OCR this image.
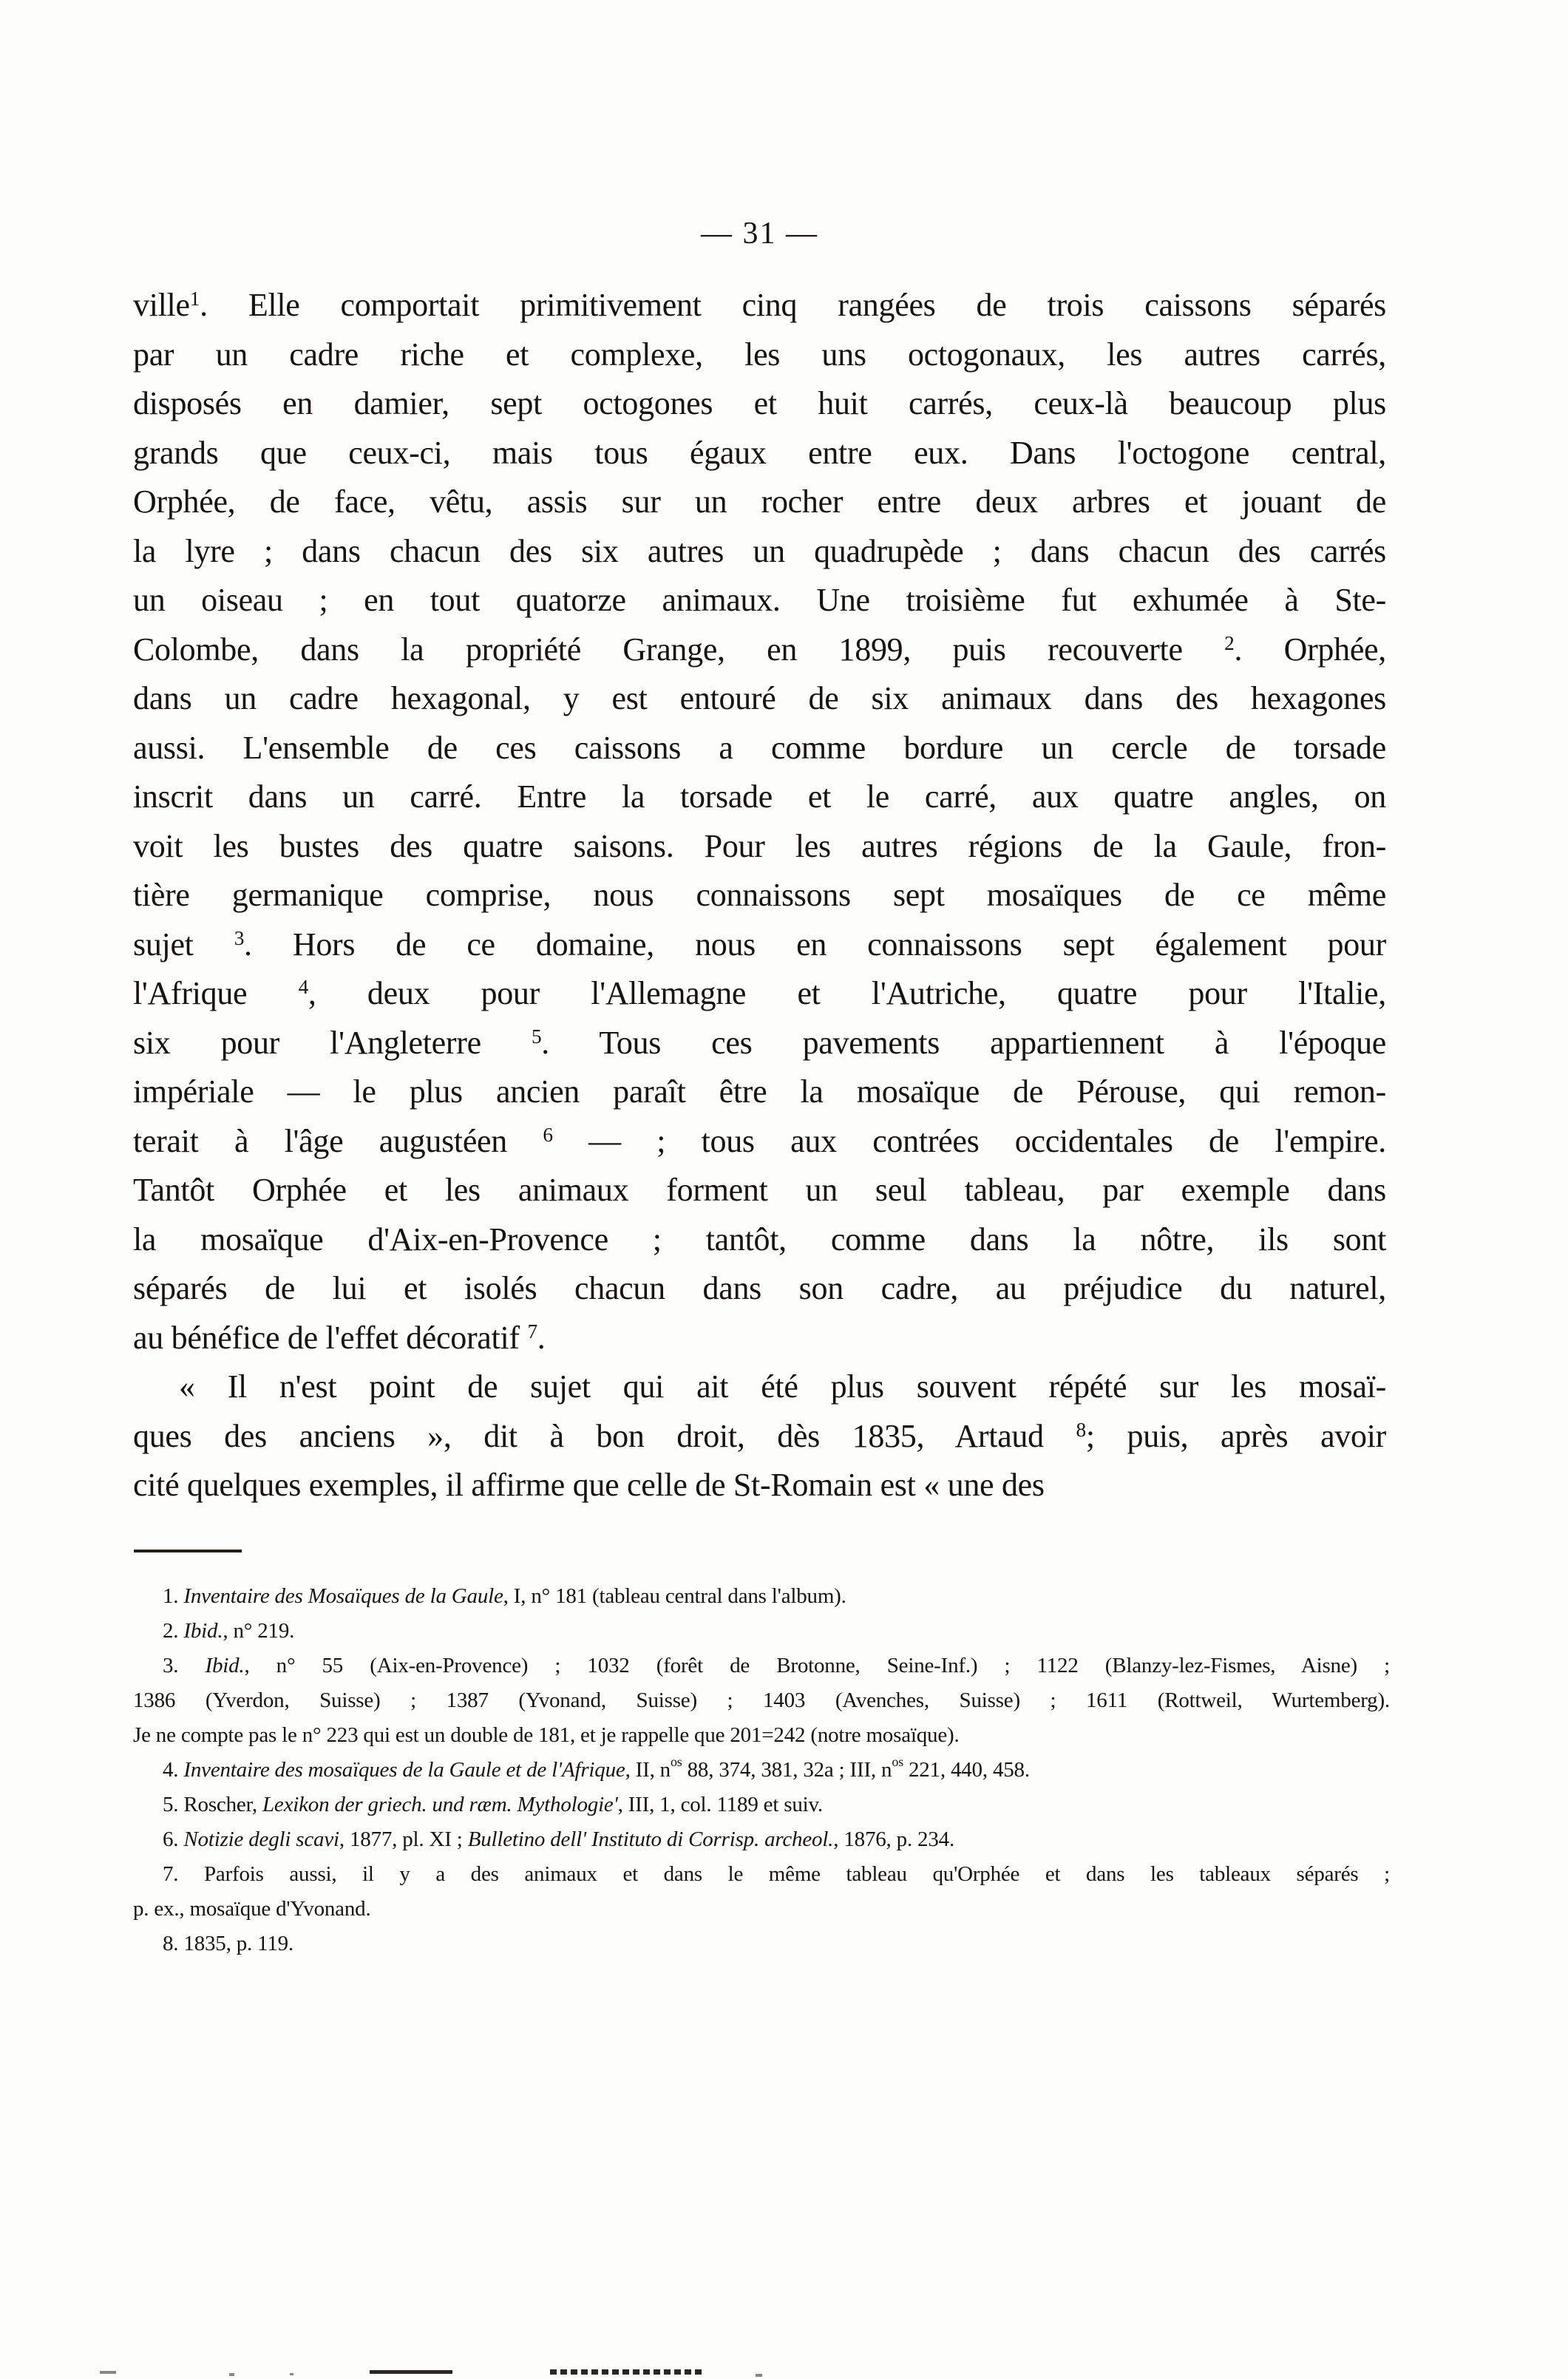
— 31 —
ville$^1$. Elle comportait primitivement cinq rangées de trois caissons séparés
par un cadre riche et complexe, les uns octogonaux, les autres carrés,
disposés en damier, sept octogones et huit carrés, ceux-là beaucoup plus
grands que ceux-ci, mais tous égaux entre eux. Dans l'octogone central,
Orphée, de face, vêtu, assis sur un rocher entre deux arbres et jouant de
la lyre ; dans chacun des six autres un quadrupède ; dans chacun des carrés
un oiseau ; en tout quatorze animaux. Une troisième fut exhumée à Ste-
Colombe, dans la propriété Grange, en 1899, puis recouverte $^2$. Orphée,
dans un cadre hexagonal, y est entouré de six animaux dans des hexagones
aussi. L'ensemble de ces caissons a comme bordure un cercle de torsade
inscrit dans un carré. Entre la torsade et le carré, aux quatre angles, on
voit les bustes des quatre saisons. Pour les autres régions de la Gaule, fron-
tière germanique comprise, nous connaissons sept mosaïques de ce même
sujet $^3$. Hors de ce domaine, nous en connaissons sept également pour
l'Afrique $^4$, deux pour l'Allemagne et l'Autriche, quatre pour l'Italie,
six pour l'Angleterre $^5$. Tous ces pavements appartiennent à l'époque
impériale — le plus ancien paraît être la mosaïque de Pérouse, qui remon-
terait à l'âge augustéen $^6$ — ; tous aux contrées occidentales de l'empire.
Tantôt Orphée et les animaux forment un seul tableau, par exemple dans
la mosaïque d'Aix-en-Provence ; tantôt, comme dans la nôtre, ils sont
séparés de lui et isolés chacun dans son cadre, au préjudice du naturel,
au bénéfice de l'effet décoratif $^7$.
« Il n'est point de sujet qui ait été plus souvent répété sur les mosaï-
ques des anciens », dit à bon droit, dès 1835, Artaud $^8$; puis, après avoir
cité quelques exemples, il affirme que celle de St-Romain est « une des
1. Inventaire des Mosaïques de la Gaule, I, n° 181 (tableau central dans l'album).
2. Ibid., n° 219.
3. Ibid., n° 55 (Aix-en-Provence) ; 1032 (forêt de Brotonne, Seine-Inf.) ; 1122 (Blanzy-lez-Fismes, Aisne) ;
1386 (Yverdon, Suisse) ; 1387 (Yvonand, Suisse) ; 1403 (Avenches, Suisse) ; 1611 (Rottweil, Wurtemberg).
Je ne compte pas le n° 223 qui est un double de 181, et je rappelle que 201=242 (notre mosaïque).
4. Inventaire des mosaïques de la Gaule et de l'Afrique, II, $n^{os}$ 88, 374, 381, 32a ; III, $n^{os}$ 221, 440, 458.
5. Roscher, Lexikon der griech. und ræm. Mythologie', III, 1, col. 1189 et suiv.
6. Notizie degli scavi, 1877, pl. XI ; Bulletino dell' Instituto di Corrisp. archeol., 1876, p. 234.
7. Parfois aussi, il y a des animaux et dans le même tableau qu'Orphée et dans les tableaux séparés ;
p. ex., mosaïque d'Yvonand.
8. 1835, p. 119.
